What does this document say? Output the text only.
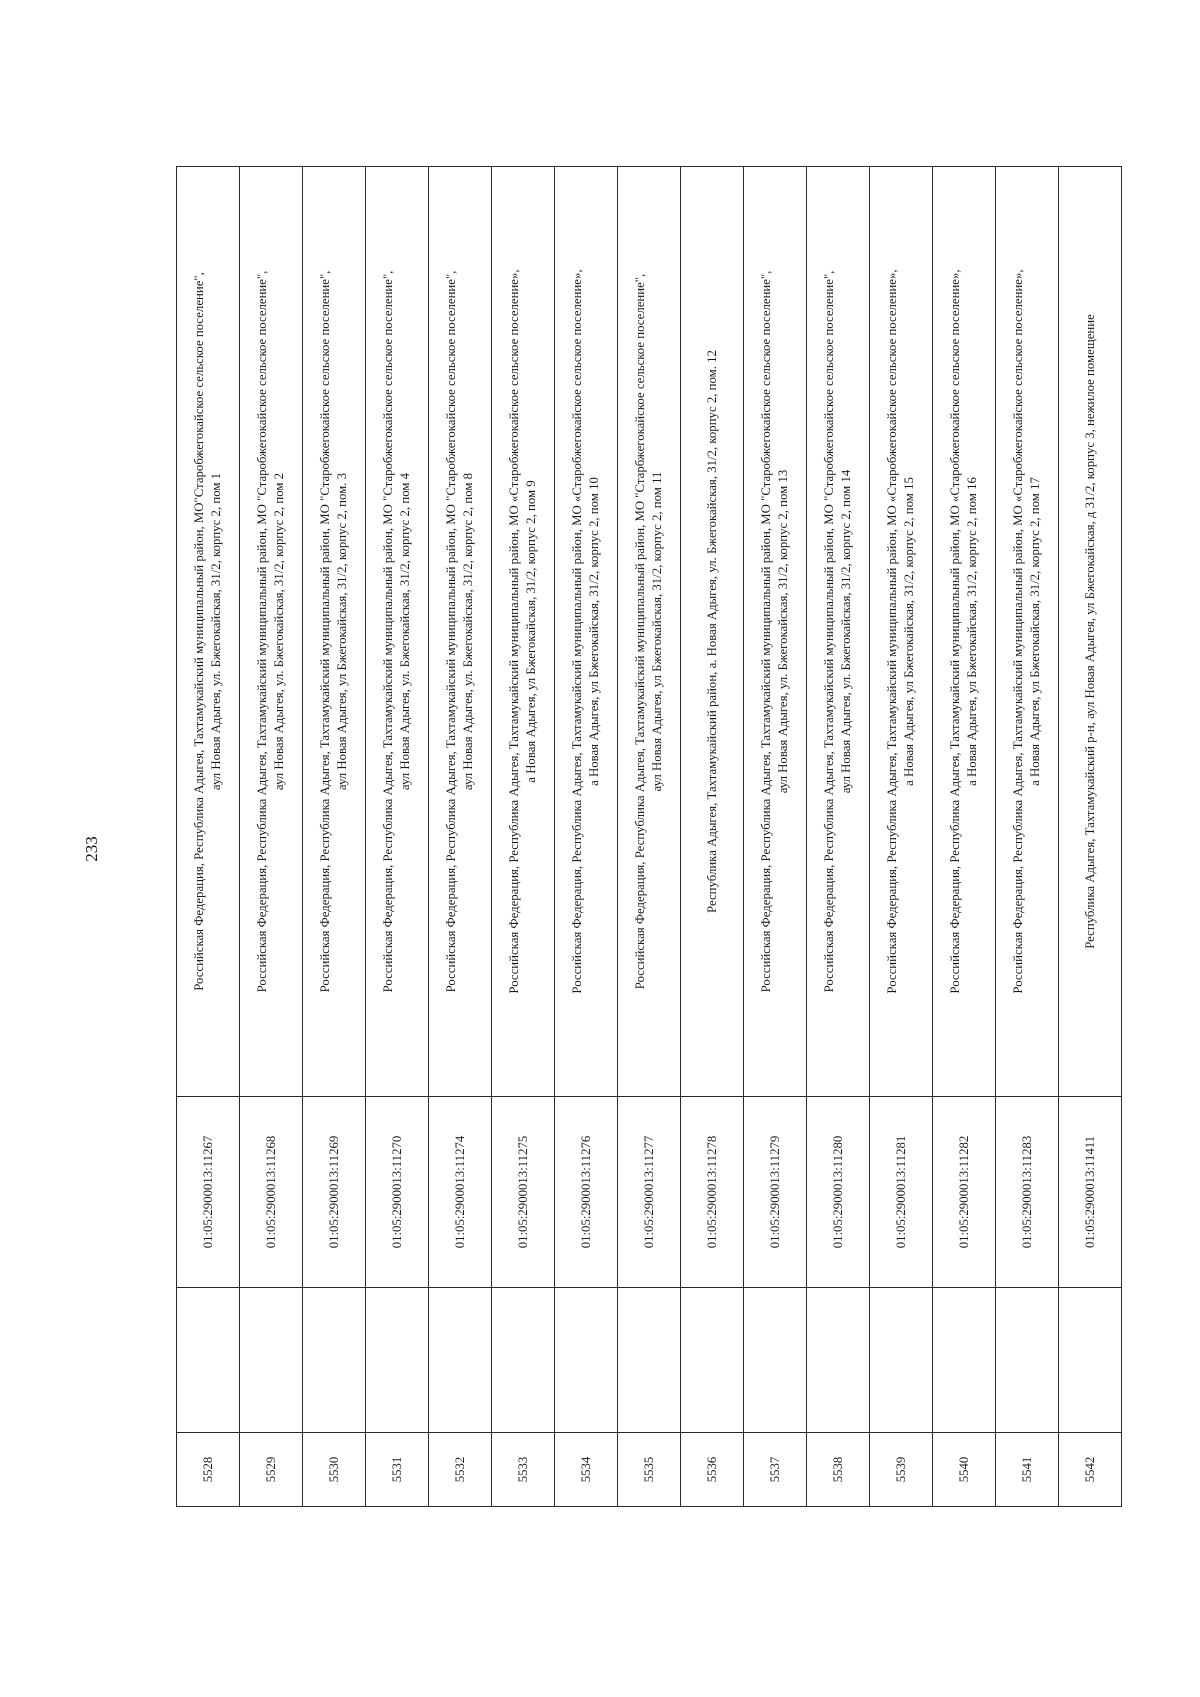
233
5528		01:05:2900013:11267	Российская Федерация, Республика Адыгея, Тахтамукайский муниципальный район, МО"Старобжегокайское сельское поселение", аул Новая Адыгея, ул. Бжегокайская, 31/2, корпус 2, пом 1

5529		01:05:2900013:11268	Российская Федерация, Республика Адыгея, Тахтамукайский муниципальный район, МО "Старобжегокайское сельское поселение", аул Новая Адыгея, ул. Бжегокайская, 31/2, корпус 2, пом 2

5530		01:05:2900013:11269	Российская Федерация, Республика Адыгея, Тахтамукайский муниципальный район, МО "Старобжегокайское сельское поселение", аул Новая Адыгея, ул Бжегокайская, 31/2, корпус 2, пом. 3

5531		01:05:2900013:11270	Российская Федерация, Республика Адыгея, Тахтамукайский муниципальный район, МО "Старобжегокайское сельское поселение", аул Новая Адыгея, ул. Бжегокайская, 31/2, корпус 2, пом 4

5532		01:05:2900013:11274	Российская Федерация, Республика Адыгея, Тахтамукайский муниципальный район, МО "Старобжегокайское сельское поселение", аул Новая Адыгея, ул. Бжегокайская, 31/2, корпус 2, пом 8

5533		01:05:2900013:11275	Российская Федерация, Республика Адыгея, Тахтамукайский муниципальный район, МО «Старобжегокайское сельское поселение», а Новая Адыгея, ул Бжегокайская, 31/2, корпус 2, пом 9

5534		01:05:2900013:11276	Российская Федерация, Республика Адыгея, Тахтамукайский муниципальный район, МО «Старобжегокайское сельское поселение», а Новая Адыгея, ул Бжегокайская, 31/2, корпус 2, пом 10

5535		01:05:2900013:11277	Российская Федерация, Республика Адыгея, Тахтамукайский муниципальный район, МО "Старбжегокайское сельское поселение", аул Новая Адыгея, ул Бжегокайская, 31/2, корпус 2, пом 11

5536		01:05:2900013:11278	Республика Адыгея, Тахтамукайский район, а. Новая Адыгея, ул. Бжегокайская, 31/2, корпус 2, пом. 12

5537		01:05:2900013:11279	Российская Федерация, Республика Адыгея, Тахтамукайский муниципальный район, МО "Старобжегокайское сельское поселение", аул Новая Адыгея, ул. Бжегокайская, 31/2, корпус 2, пом 13

5538		01:05:2900013:11280	Российская Федерация, Республика Адыгея, Тахтамукайский муниципальный район, МО "Старобжегокайское сельское поселение", аул Новая Адыгея, ул. Бжегокайская, 31/2, корпус 2, пом 14

5539		01:05:2900013:11281	Российская Федерация, Республика Адыгея, Тахтамукайский муниципальный район, МО «Старобжегокайское сельское поселение», а Новая Адыгея, ул Бжегокайская, 31/2, корпус 2, пом 15

5540		01:05:2900013:11282	Российская Федерация, Республика Адыгея, Тахтамукайский муниципальный район, МО «Старобжегокайское сельское поселение», а Новая Адыгея, ул Бжегокайская, 31/2, корпус 2, пом 16

5541		01:05:2900013:11283	Российская Федерация, Республика Адыгея, Тахтамукайский муниципальный район, МО «Старобжегокайское сельское поселение», а Новая Адыгея, ул Бжегокайская, 31/2, корпус 2, пом 17

5542		01:05:2900013:11411	Республика Адыгея, Тахтамукайский р-н, аул Новая Адыгея, ул Бжегокайская, д 31/2, корпус 3, нежилое помещение
